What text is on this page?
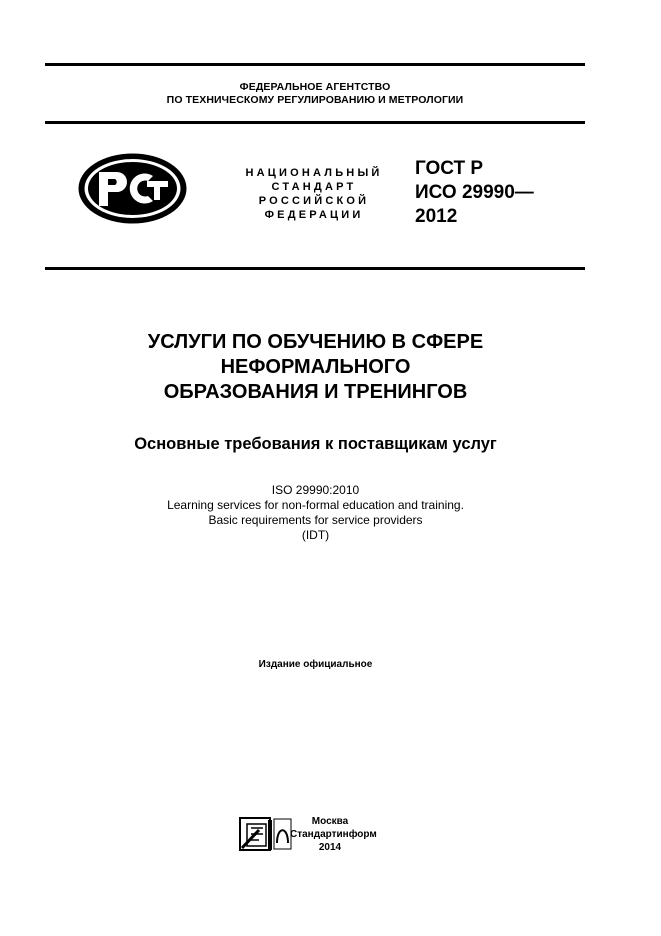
ФЕДЕРАЛЬНОЕ АГЕНТСТВО
ПО ТЕХНИЧЕСКОМУ РЕГУЛИРОВАНИЮ И МЕТРОЛОГИИ
НАЦИОНАЛЬНЫЙ
СТАНДАРТ
РОССИЙСКОЙ
ФЕДЕРАЦИИ
ГОСТ Р
ИСО 29990—
2012
УСЛУГИ ПО ОБУЧЕНИЮ В СФЕРЕ
НЕФОРМАЛЬНОГО
ОБРАЗОВАНИЯ И ТРЕНИНГОВ
Основные требования к поставщикам услуг
ISO 29990:2010
Learning services for non-formal education and training.
Basic requirements for service providers
(IDT)
Издание официальное
Москва
Стандартинформ
2014
